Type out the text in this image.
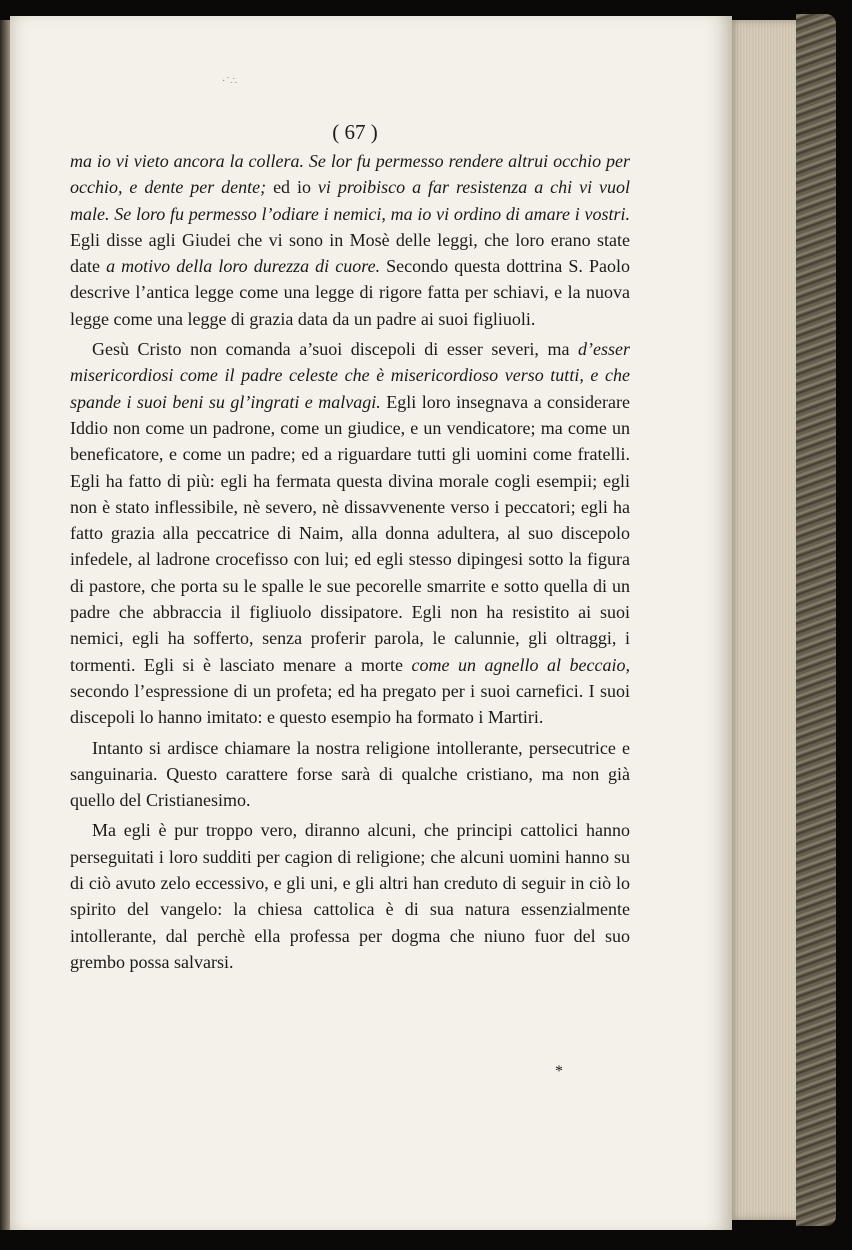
·˙∴
( 67 )

ma io vi vieto ancora la collera. Se lor fu permesso rendere altrui occhio per occhio, e dente per dente; ed io vi proibisco a far resistenza a chi vi vuol male. Se loro fu permesso l’odiare i nemici, ma io vi ordino di amare i vostri. Egli disse agli Giudei che vi sono in Mosè delle leggi, che loro erano state date a motivo della loro durezza di cuore. Secondo questa dottrina S. Paolo descrive l’antica legge come una legge di rigore fatta per schiavi, e la nuova legge come una legge di grazia data da un padre ai suoi figliuoli.

Gesù Cristo non comanda a’suoi discepoli di esser severi, ma d’esser misericordiosi come il padre celeste che è misericordioso verso tutti, e che spande i suoi beni su gl’ingrati e malvagi. Egli loro insegnava a considerare Iddio non come un padrone, come un giudice, e un vendicatore; ma come un beneficatore, e come un padre; ed a riguardare tutti gli uomini come fratelli. Egli ha fatto di più: egli ha fermata questa divina morale cogli esempii; egli non è stato inflessibile, nè severo, nè dissavvenente verso i peccatori; egli ha fatto grazia alla peccatrice di Naim, alla donna adultera, al suo discepolo infedele, al ladrone crocefisso con lui; ed egli stesso dipingesi sotto la figura di pastore, che porta su le spalle le sue pecorelle smarrite e sotto quella di un padre che abbraccia il figliuolo dissipatore. Egli non ha resistito ai suoi nemici, egli ha sofferto, senza proferir parola, le calunnie, gli oltraggi, i tormenti. Egli si è lasciato menare a morte come un agnello al beccaio, secondo l’espressione di un profeta; ed ha pregato per i suoi carnefici. I suoi discepoli lo hanno imitato: e questo esempio ha formato i Martiri.

Intanto si ardisce chiamare la nostra religione intollerante, persecutrice e sanguinaria. Questo carattere forse sarà di qualche cristiano, ma non già quello del Cristianesimo.

Ma egli è pur troppo vero, diranno alcuni, che principi cattolici hanno perseguitati i loro sudditi per cagion di religione; che alcuni uomini hanno su di ciò avuto zelo eccessivo, e gli uni, e gli altri han creduto di seguir in ciò lo spirito del vangelo: la chiesa cattolica è di sua natura essenzialmente intollerante, dal perchè ella professa per dogma che niuno fuor del suo grembo possa salvarsi.

*
